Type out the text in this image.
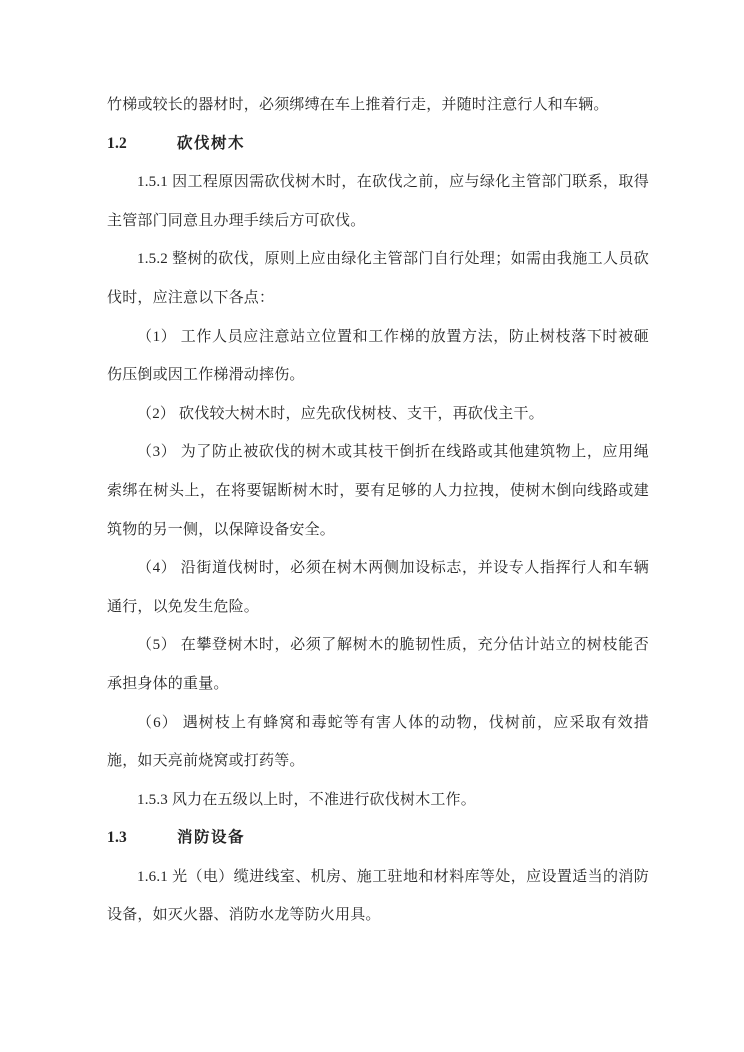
竹梯或较长的器材时，必须绑缚在车上推着行走，并随时注意行人和车辆。

1.2	砍伐树木

1.5.1 因工程原因需砍伐树木时，在砍伐之前，应与绿化主管部门联系，取得主管部门同意且办理手续后方可砍伐。

1.5.2 整树的砍伐，原则上应由绿化主管部门自行处理；如需由我施工人员砍伐时，应注意以下各点：

（1） 工作人员应注意站立位置和工作梯的放置方法，防止树枝落下时被砸伤压倒或因工作梯滑动摔伤。

（2） 砍伐较大树木时，应先砍伐树枝、支干，再砍伐主干。

（3） 为了防止被砍伐的树木或其枝干倒折在线路或其他建筑物上，应用绳索绑在树头上，在将要锯断树木时，要有足够的人力拉拽，使树木倒向线路或建筑物的另一侧，以保障设备安全。

（4） 沿街道伐树时，必须在树木两侧加设标志，并设专人指挥行人和车辆通行，以免发生危险。

（5） 在攀登树木时，必须了解树木的脆韧性质，充分估计站立的树枝能否承担身体的重量。

（6） 遇树枝上有蜂窝和毒蛇等有害人体的动物，伐树前，应采取有效措施，如天亮前烧窝或打药等。

1.5.3 风力在五级以上时，不准进行砍伐树木工作。

1.3	消防设备

1.6.1 光（电）缆进线室、机房、施工驻地和材料库等处，应设置适当的消防设备，如灭火器、消防水龙等防火用具。
